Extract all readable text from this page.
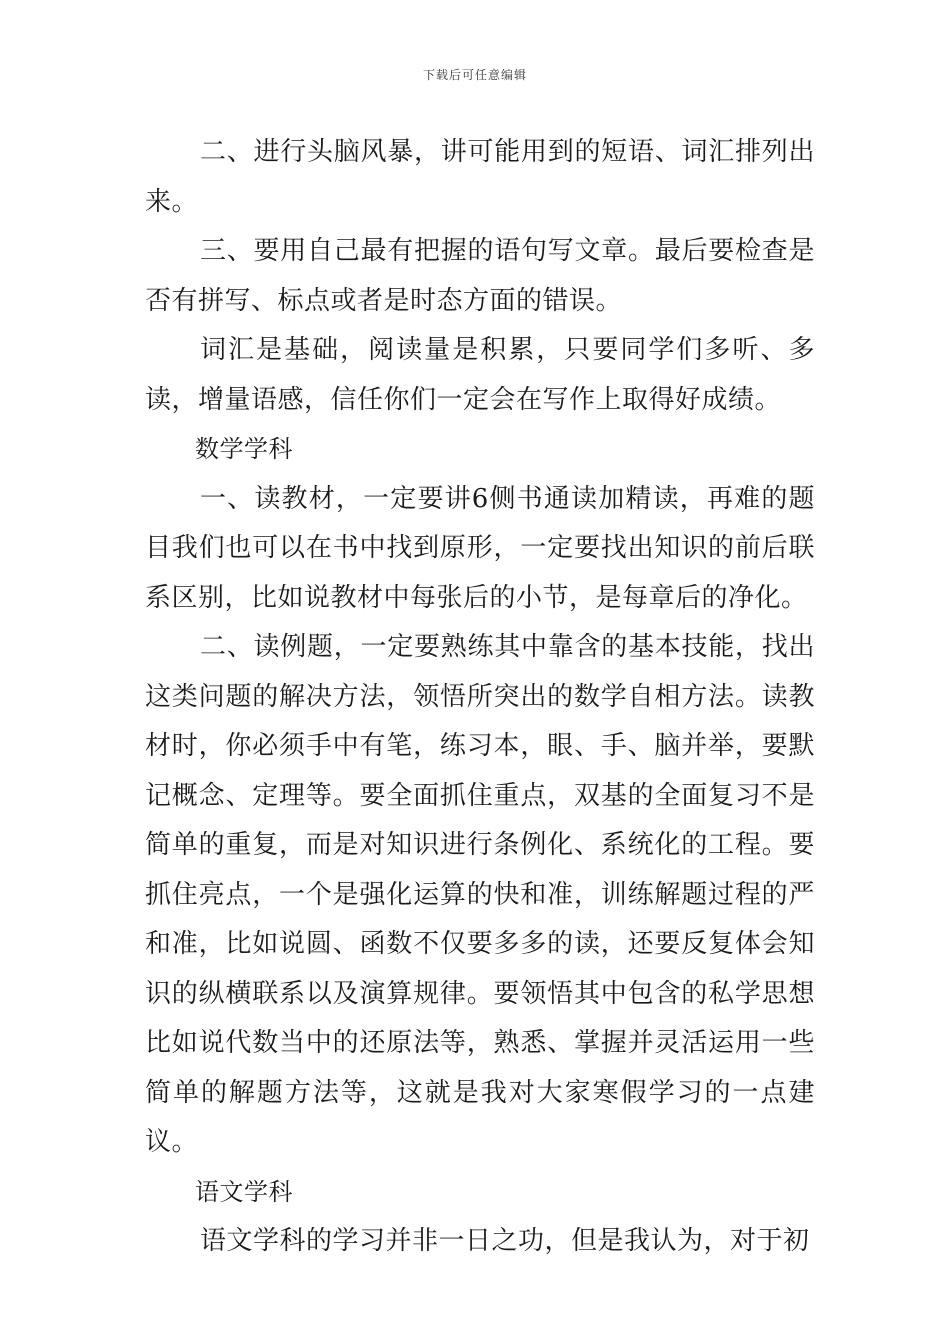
下载后可任意编辑

二、进行头脑风暴，讲可能用到的短语、词汇排列出来。

三、要用自己最有把握的语句写文章。最后要检查是否有拼写、标点或者是时态方面的错误。

词汇是基础，阅读量是积累，只要同学们多听、多读，增量语感，信任你们一定会在写作上取得好成绩。

数学学科

一、读教材，一定要讲6侧书通读加精读，再难的题目我们也可以在书中找到原形，一定要找出知识的前后联系区别，比如说教材中每张后的小节，是每章后的净化。

二、读例题，一定要熟练其中靠含的基本技能，找出这类问题的解决方法，领悟所突出的数学自相方法。读教材时，你必须手中有笔，练习本，眼、手、脑并举，要默记概念、定理等。要全面抓住重点，双基的全面复习不是简单的重复，而是对知识进行条例化、系统化的工程。要抓住亮点，一个是强化运算的快和准，训练解题过程的严和准，比如说圆、函数不仅要多多的读，还要反复体会知识的纵横联系以及演算规律。要领悟其中包含的私学思想比如说代数当中的还原法等，熟悉、掌握并灵活运用一些简单的解题方法等，这就是我对大家寒假学习的一点建议。

语文学科

语文学科的学习并非一日之功，但是我认为，对于初
